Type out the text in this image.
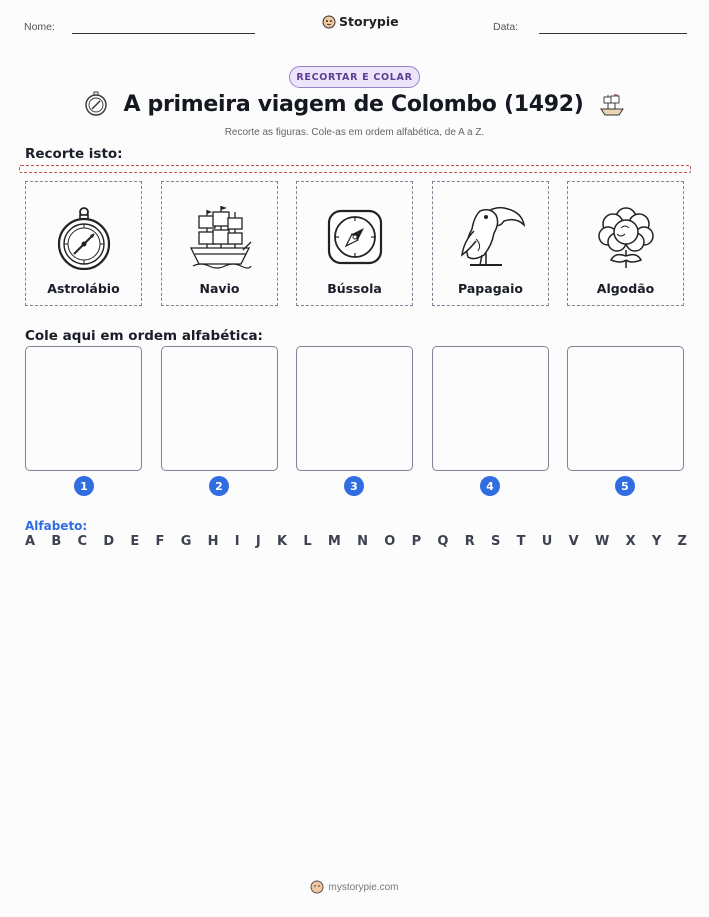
Nome:	Storypie	Data:
RECORTAR E COLAR
A primeira viagem de Colombo (1492)
Recorte as figuras. Cole-as em ordem alfabética, de A a Z.
Recorte isto:
Astrolábio	Navio	Bússola	Papagaio	Algodão
Cole aqui em ordem alfabética:
1	2	3	4	5
Alfabeto:
A B C D E F G H I J K L M N O P Q R S T U V W X Y Z
mystorypie.com
